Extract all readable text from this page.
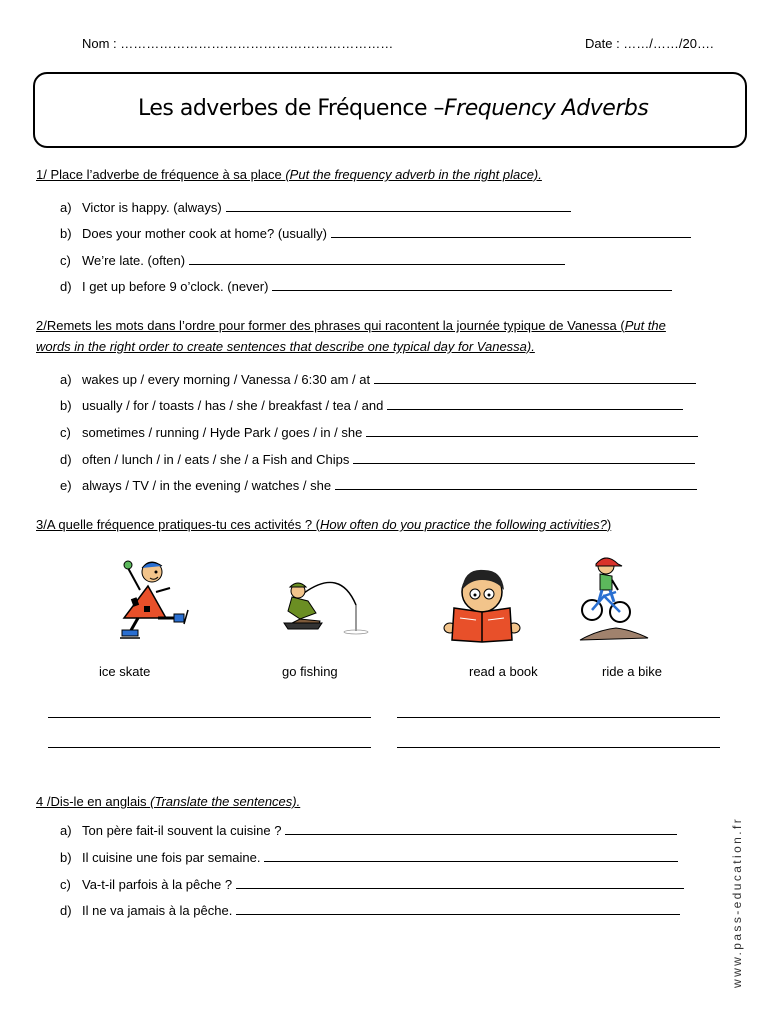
Nom : ………………………………………………………	Date : ……/……/20….
Les adverbes de Fréquence –Frequency Adverbs
1/ Place l’adverbe de fréquence à sa place (Put the frequency adverb in the right place).
a) Victor is happy. (always)
b) Does your mother cook at home? (usually)
c) We’re late. (often)
d) I get up before 9 o’clock. (never)
2/Remets les mots dans l’ordre pour former des phrases qui racontent la journée typique de Vanessa (Put the
words in the right order to create sentences that describe one typical day for Vanessa).
a) wakes up / every morning / Vanessa / 6:30 am / at
b) usually / for / toasts / has / she / breakfast / tea / and
c) sometimes / running / Hyde Park / goes / in / she
d) often / lunch / in / eats / she / a Fish and Chips
e) always / TV / in the evening / watches / she
3/A quelle fréquence pratiques-tu ces activités ? (How often do you practice the following activities?)
ice skate	go fishing	read a book	ride a bike
4 /Dis-le en anglais (Translate the sentences).
a) Ton père fait-il souvent la cuisine ?
b) Il cuisine une fois par semaine.
c) Va-t-il parfois à la pêche ?
d) Il ne va jamais à la pêche.	www.pass-education.fr
